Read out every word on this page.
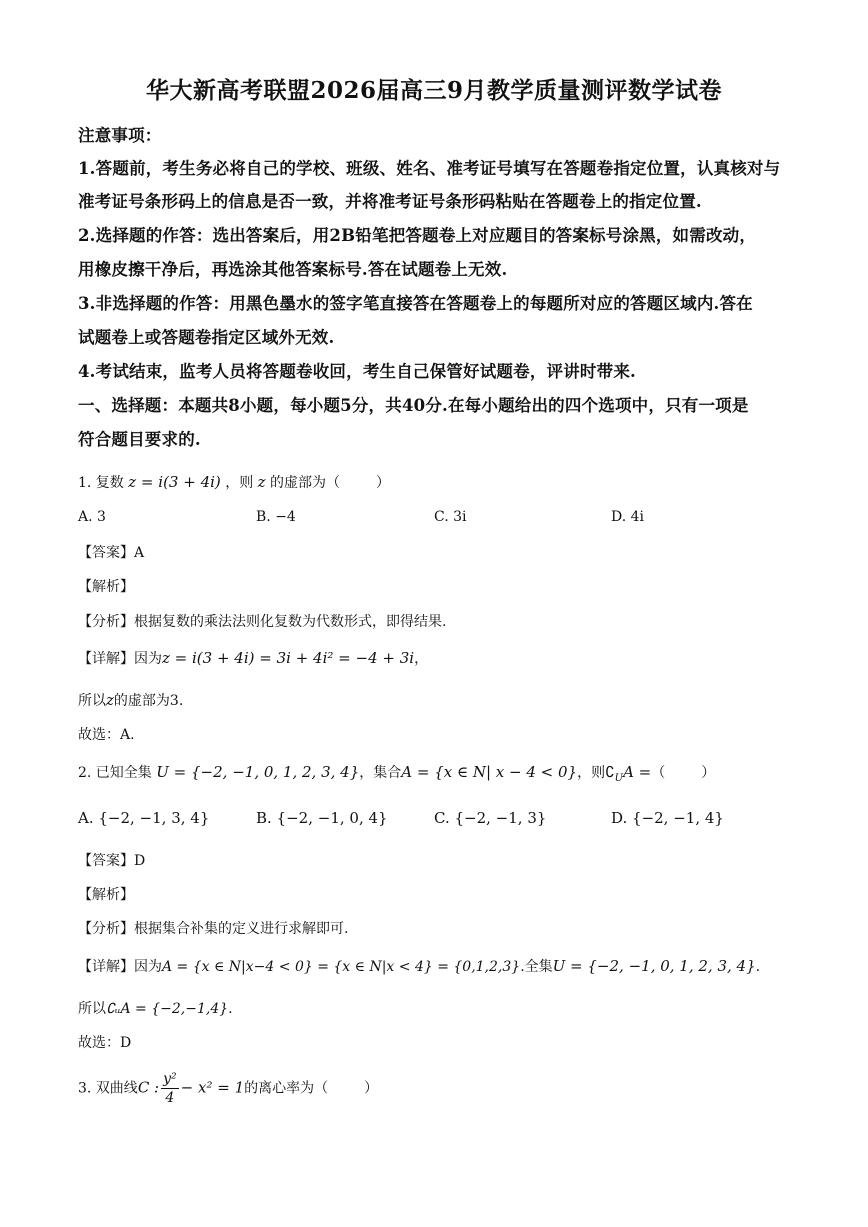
华大新高考联盟2026届高三9月教学质量测评数学试卷
注意事项：
1.答题前，考生务必将自己的学校、班级、姓名、准考证号填写在答题卷指定位置，认真核对与
准考证号条形码上的信息是否一致，并将准考证号条形码粘贴在答题卷上的指定位置.
2.选择题的作答：选出答案后，用2B铅笔把答题卷上对应题目的答案标号涂黑，如需改动，
用橡皮擦干净后，再选涂其他答案标号.答在试题卷上无效.
3.非选择题的作答：用黑色墨水的签字笔直接答在答题卷上的每题所对应的答题区域内.答在
试题卷上或答题卷指定区域外无效.
4.考试结束，监考人员将答题卷收回，考生自己保管好试题卷，评讲时带来.
一、选择题：本题共8小题，每小题5分，共40分.在每小题给出的四个选项中，只有一项是
符合题目要求的.
1. 复数 z = i(3 + 4i) ，则 z 的虚部为（	）
A. 3	B. −4	C. 3i	D. 4i
【答案】A
【解析】
【分析】根据复数的乘法法则化复数为代数形式，即得结果.
【详解】因为z = i(3 + 4i) = 3i + 4i² = −4 + 3i，
所以z的虚部为3.
故选：A.
2. 已知全集 U = {−2, −1, 0, 1, 2, 3, 4}，集合A = {x ∈ N| x − 4 < 0}，则$∁_UA$ =（	）
A. {−2, −1, 3, 4}	B. {−2, −1, 0, 4}	C. {−2, −1, 3}	D. {−2, −1, 4}
【答案】D
【解析】
【分析】根据集合补集的定义进行求解即可.
【详解】因为A = {x ∈ N|x−4 < 0} = {x ∈ N|x < 4} = {0,1,2,3}.全集U = {−2, −1, 0, 1, 2, 3, 4}.
所以∁ᵤA = {−2,−1,4}.
故选：D
3. 双曲线C : $\frac{\text{y²}}{4} - x^2 = 1$的离心率为（	）
